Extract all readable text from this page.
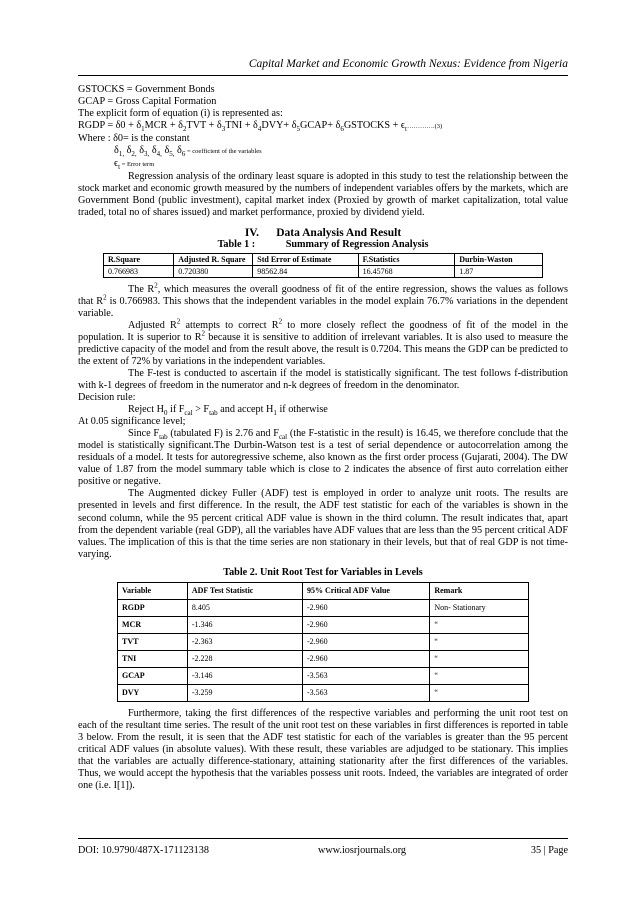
Capital Market and Economic Growth Nexus: Evidence from Nigeria

GSTOCKS = Government Bonds

GCAP = Gross Capital Formation

The explicit form of equation (i) is represented as:

RGDP = $\delta 0 + \delta_1MCR + \delta_2TVT + \delta_3TNI + \delta_4DVY+$ $\delta_5GCAP+$ $\delta_6GSTOCKS$ + $\epsilon_t\dots\dots\dots\dots.(3)$

Where : δ0= is the constant

$\delta_{1,}$ $\delta_{2,}$ $\delta_{3,}$ $\delta_{4,}$ $\delta_{5,}$ $\delta_6$ = coefficient of the variables

$\epsilon_t$ = Error term

Regression analysis of the ordinary least square is adopted in this study to test the relationship between the stock market and economic growth measured by the numbers of independent variables offers by the markets, which are Government Bond (public investment), capital market index (Proxied by growth of market capitalization, total value traded, total no of shares issued) and market performance, proxied by dividend yield.

IV. Data Analysis And Result
Table 1 :	Summary of Regression Analysis
R.Square	Adjusted R. Square	Std Error of Estimate	F.Statistics	Durbin-Waston
0.766983	0.720380	98562.84	16.45768	1.87

The $R^2$, which measures the overall goodness of fit of the entire regression, shows the values as follows that $R^2$ is 0.766983. This shows that the independent variables in the model explain 76.7% variations in the dependent variable.

Adjusted $R^2$ attempts to correct $R^2$ to more closely reflect the goodness of fit of the model in the population. It is superior to $R^2$ because it is sensitive to addition of irrelevant variables. It is also used to measure the predictive capacity of the model and from the result above, the result is 0.7204. This means the GDP can be predicted to the extent of 72% by variations in the independent variables.

The F-test is conducted to ascertain if the model is statistically significant. The test follows f-distribution with k-1 degrees of freedom in the numerator and n-k degrees of freedom in the denominator.

Decision rule:

Reject $H_0$ if $F_{cal} > F_{tab}$ and accept $H_1$ if otherwise

At 0.05 significance level;

Since $F_{tab}$ (tabulated F) is 2.76 and $F_{cal}$ (the F-statistic in the result) is 16.45, we therefore conclude that the model is statistically significant.The Durbin-Watson test is a test of serial dependence or autocorrelation among the residuals of a model. It tests for autoregressive scheme, also known as the first order process (Gujarati, 2004). The DW value of 1.87 from the model summary table which is close to 2 indicates the absence of first auto correlation either positive or negative.

The Augmented dickey Fuller (ADF) test is employed in order to analyze unit roots. The results are presented in levels and first difference. In the result, the ADF test statistic for each of the variables is shown in the second column, while the 95 percent critical ADF value is shown in the third column. The result indicates that, apart from the dependent variable (real GDP), all the variables have ADF values that are less than the 95 percent critical ADF values. The implication of this is that the time series are non stationary in their levels, but that of real GDP is not time-varying.

Table 2. Unit Root Test for Variables in Levels
Variable	ADF Test Statistic	95% Critical ADF Value	Remark
RGDP	8.405	-2.960	Non- Stationary
MCR	-1.346	-2.960	“
TVT	-2.363	-2.960	“
TNI	-2.228	-2.960	“
GCAP	-3.146	-3.563	“
DVY	-3.259	-3.563	“

Furthermore, taking the first differences of the respective variables and performing the unit root test on each of the resultant time series. The result of the unit root test on these variables in first differences is reported in table 3 below. From the result, it is seen that the ADF test statistic for each of the variables is greater than the 95 percent critical ADF values (in absolute values). With these result, these variables are adjudged to be stationary. This implies that the variables are actually difference-stationary, attaining stationarity after the first differences of the variables. Thus, we would accept the hypothesis that the variables possess unit roots. Indeed, the variables are integrated of order one (i.e. I[1]).

DOI: 10.9790/487X-171123138	www.iosrjournals.org	35 | Page
